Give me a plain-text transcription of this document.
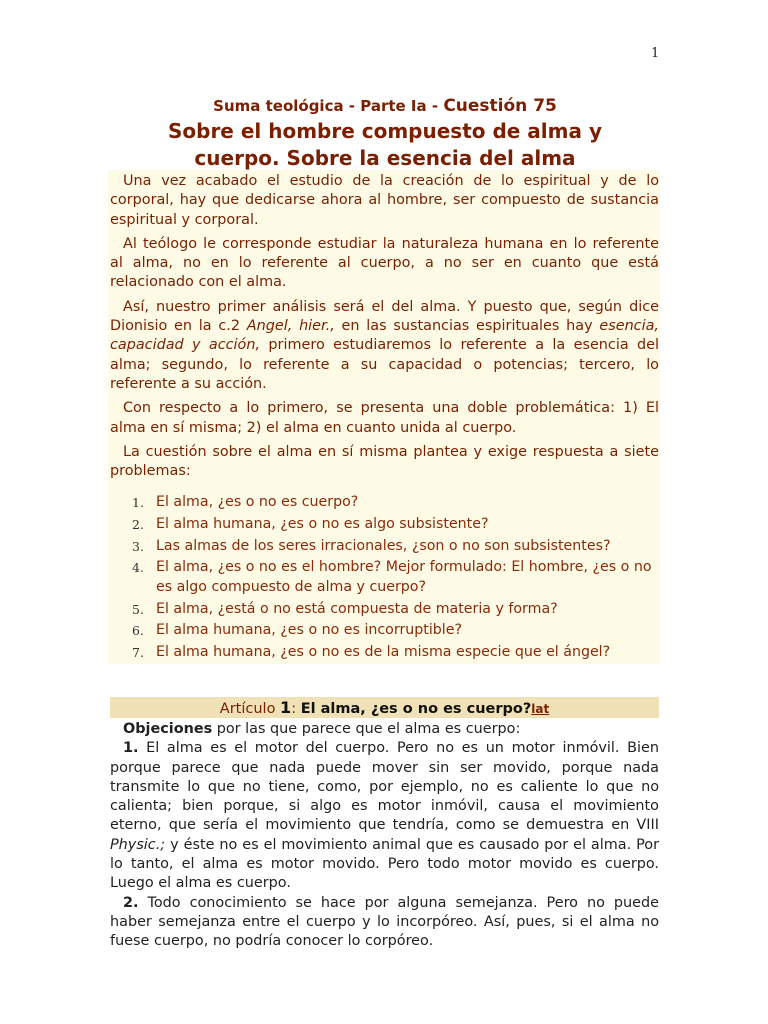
1
Suma teológica - Parte Ia - Cuestión 75
Sobre el hombre compuesto de alma y
cuerpo. Sobre la esencia del alma

Una vez acabado el estudio de la creación de lo espiritual y de lo corporal, hay que dedicarse ahora al hombre, ser compuesto de sustancia espiritual y corporal.

Al teólogo le corresponde estudiar la naturaleza humana en lo referente al alma, no en lo referente al cuerpo, a no ser en cuanto que está relacionado con el alma.

Así, nuestro primer análisis será el del alma. Y puesto que, según dice Dionisio en la c.2 Angel, hier., en las sustancias espirituales hay esencia, capacidad y acción, primero estudiaremos lo referente a la esencia del alma; segundo, lo referente a su capacidad o potencias; tercero, lo referente a su acción.

Con respecto a lo primero, se presenta una doble problemática: 1) El alma en sí misma; 2) el alma en cuanto unida al cuerpo.

La cuestión sobre el alma en sí misma plantea y exige respuesta a siete problemas:

1. El alma, ¿es o no es cuerpo?
2. El alma humana, ¿es o no es algo subsistente?
3. Las almas de los seres irracionales, ¿son o no son subsistentes?
4. El alma, ¿es o no es el hombre? Mejor formulado: El hombre, ¿es o no es algo compuesto de alma y cuerpo?
5. El alma, ¿está o no está compuesta de materia y forma?
6. El alma humana, ¿es o no es incorruptible?
7. El alma humana, ¿es o no es de la misma especie que el ángel?
Artículo 1: El alma, ¿es o no es cuerpo?lat

Objeciones por las que parece que el alma es cuerpo:

1. El alma es el motor del cuerpo. Pero no es un motor inmóvil. Bien porque parece que nada puede mover sin ser movido, porque nada transmite lo que no tiene, como, por ejemplo, no es caliente lo que no calienta; bien porque, si algo es motor inmóvil, causa el movimiento eterno, que sería el movimiento que tendría, como se demuestra en VIII Physic.; y éste no es el movimiento animal que es causado por el alma. Por lo tanto, el alma es motor movido. Pero todo motor movido es cuerpo. Luego el alma es cuerpo.

2. Todo conocimiento se hace por alguna semejanza. Pero no puede haber semejanza entre el cuerpo y lo incorpóreo. Así, pues, si el alma no fuese cuerpo, no podría conocer lo corpóreo.
